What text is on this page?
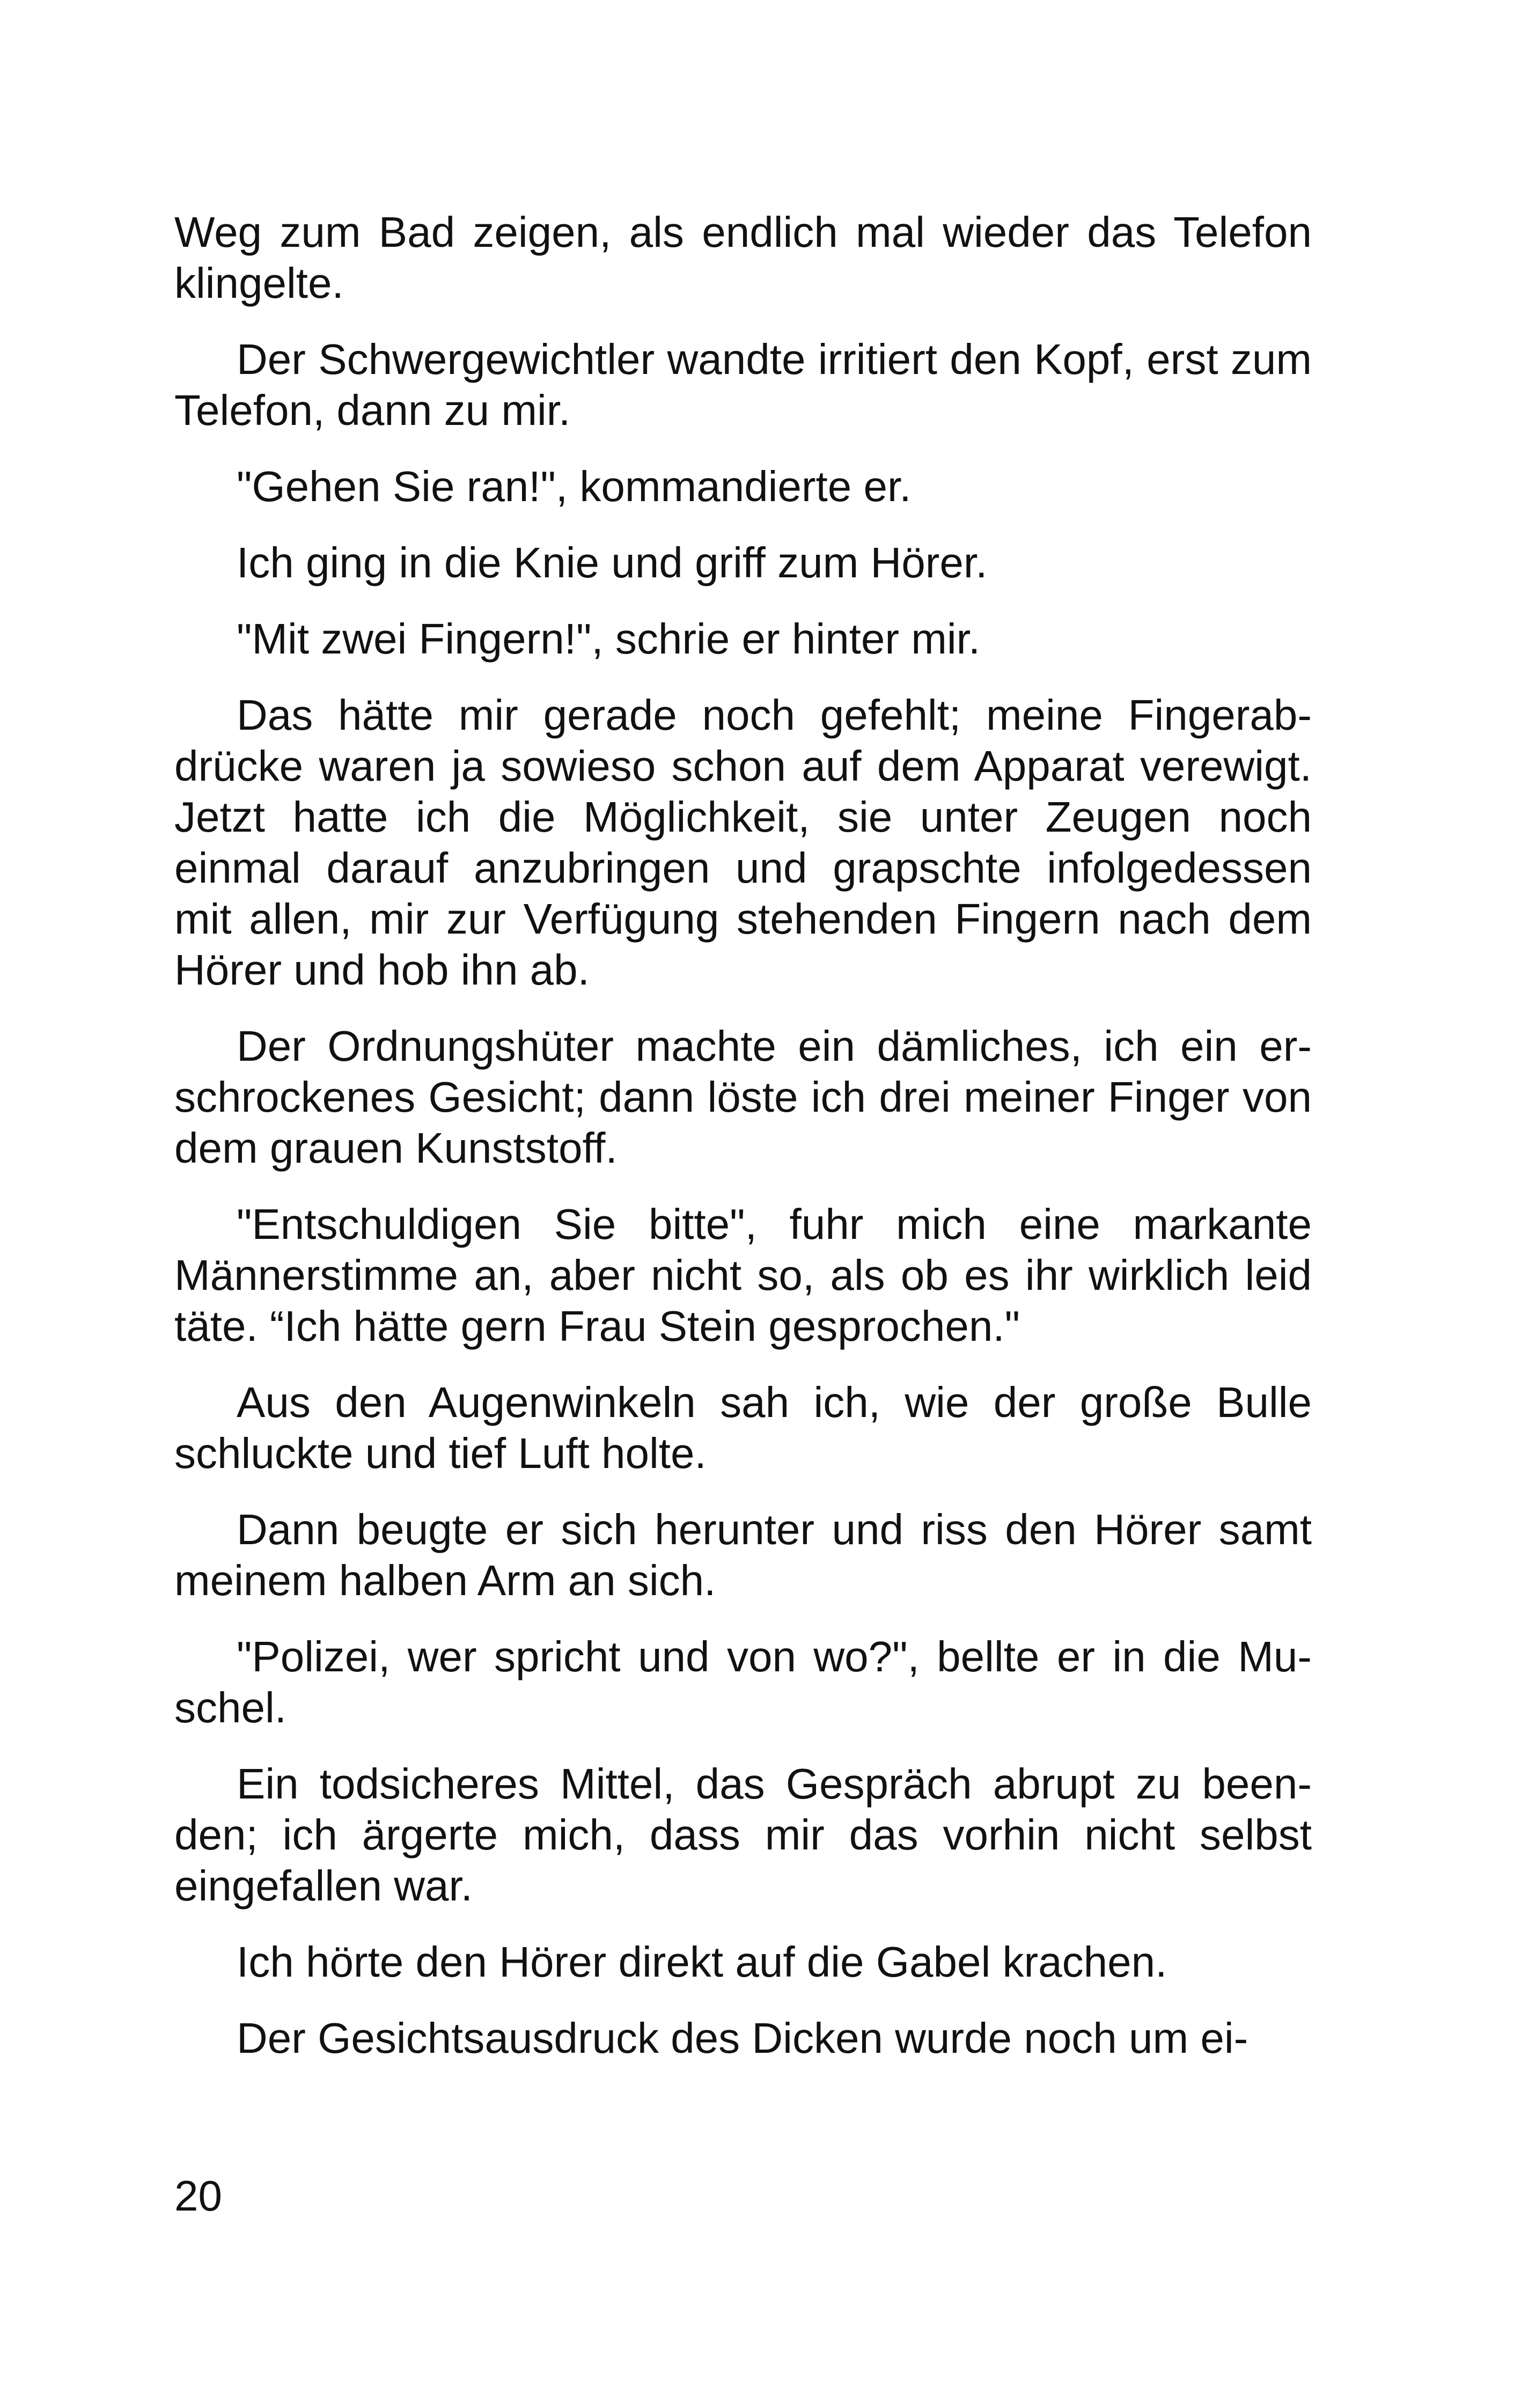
Weg zum Bad zeigen, als endlich mal wieder das Telefon klingelte.

Der Schwergewichtler wandte irritiert den Kopf, erst zum Telefon, dann zu mir.

"Gehen Sie ran!", kommandierte er.

Ich ging in die Knie und griff zum Hörer.

"Mit zwei Fingern!", schrie er hinter mir.

Das hätte mir gerade noch gefehlt; meine Fingerabdrücke waren ja sowieso schon auf dem Apparat verewigt. Jetzt hatte ich die Möglichkeit, sie unter Zeugen noch einmal darauf anzubringen und grapschte infolgedessen mit allen, mir zur Verfügung stehenden Fingern nach dem Hörer und hob ihn ab.

Der Ordnungshüter machte ein dämliches, ich ein erschrockenes Gesicht; dann löste ich drei meiner Finger von dem grauen Kunststoff.

"Entschuldigen Sie bitte", fuhr mich eine markante Männerstimme an, aber nicht so, als ob es ihr wirklich leid täte. “Ich hätte gern Frau Stein gesprochen."

Aus den Augenwinkeln sah ich, wie der große Bulle schluckte und tief Luft holte.

Dann beugte er sich herunter und riss den Hörer samt meinem halben Arm an sich.

"Polizei, wer spricht und von wo?", bellte er in die Muschel.

Ein todsicheres Mittel, das Gespräch abrupt zu beenden; ich ärgerte mich, dass mir das vorhin nicht selbst eingefallen war.

Ich hörte den Hörer direkt auf die Gabel krachen.

Der Gesichtsausdruck des Dicken wurde noch um ei-

20
